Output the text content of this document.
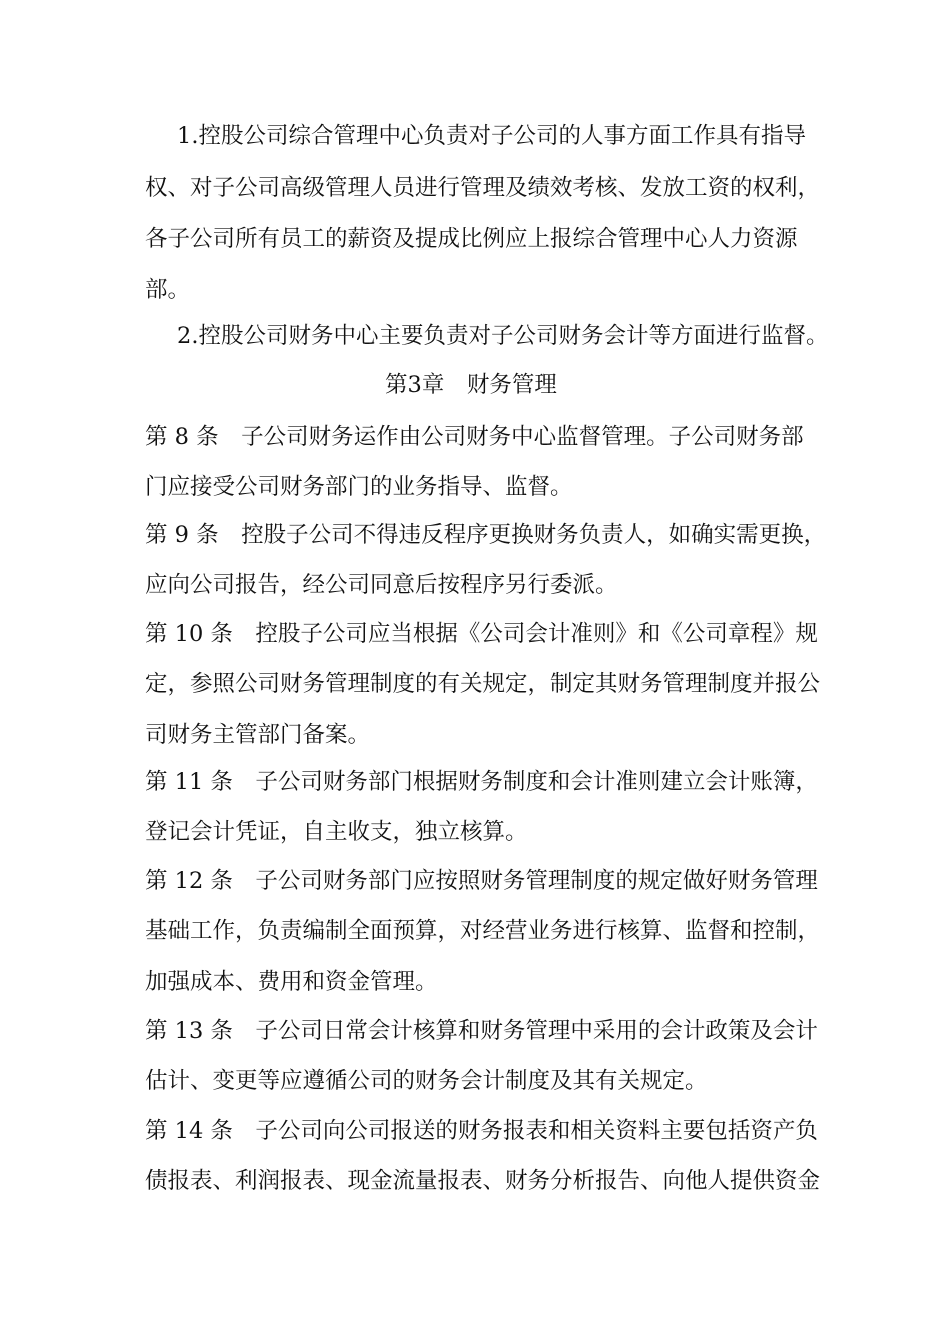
1.控股公司综合管理中心负责对子公司的人事方面工作具有指导
权、对子公司高级管理人员进行管理及绩效考核、发放工资的权利，
各子公司所有员工的薪资及提成比例应上报综合管理中心人力资源
部。
2.控股公司财务中心主要负责对子公司财务会计等方面进行监督。
第3章　财务管理
第 8 条　子公司财务运作由公司财务中心监督管理。子公司财务部
门应接受公司财务部门的业务指导、监督。
第 9 条　控股子公司不得违反程序更换财务负责人，如确实需更换，
应向公司报告，经公司同意后按程序另行委派。
第 10 条　控股子公司应当根据《公司会计准则》和《公司章程》规
定，参照公司财务管理制度的有关规定，制定其财务管理制度并报公
司财务主管部门备案。
第 11 条　子公司财务部门根据财务制度和会计准则建立会计账簿，
登记会计凭证，自主收支，独立核算。
第 12 条　子公司财务部门应按照财务管理制度的规定做好财务管理
基础工作，负责编制全面预算，对经营业务进行核算、监督和控制，
加强成本、费用和资金管理。
第 13 条　子公司日常会计核算和财务管理中采用的会计政策及会计
估计、变更等应遵循公司的财务会计制度及其有关规定。
第 14 条　子公司向公司报送的财务报表和相关资料主要包括资产负
债报表、利润报表、现金流量报表、财务分析报告、向他人提供资金
